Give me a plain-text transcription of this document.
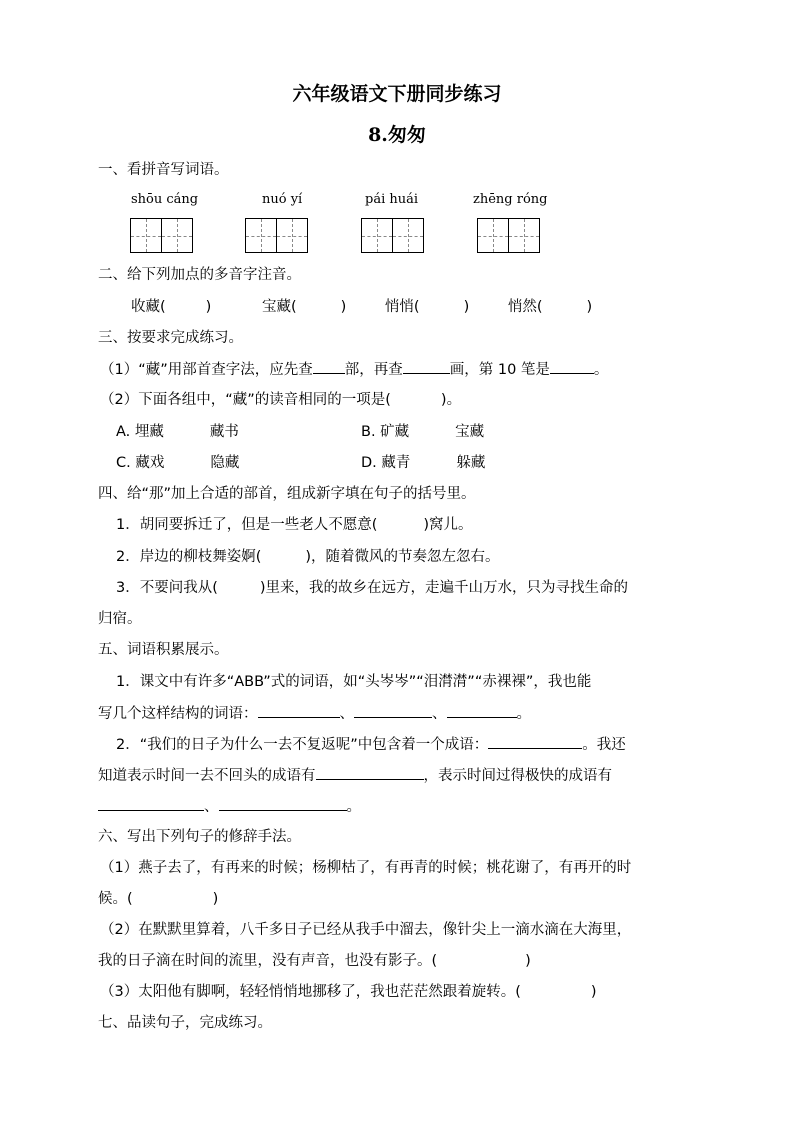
六年级语文下册同步练习
8.匆匆
一、看拼音写词语。
shōu cáng	nuó yí	pái huái	zhēng róng
二、给下列加点的多音字注音。
收藏(	)	宝藏(	)	悄悄(	)	悄然(	)
三、按要求完成练习。
（1）“藏”用部首查字法，应先查 部，再查	画，第 10 笔是	。
（2）下面各组中，“藏”的读音相同的一项是(	)。
A. 埋藏	藏书	B. 矿藏	宝藏
C. 藏戏	隐藏	D. 藏青	躲藏
四、给“那”加上合适的部首，组成新字填在句子的括号里。
1．胡同要拆迁了，但是一些老人不愿意(	)窝儿。
2．岸边的柳枝舞姿婀(	)，随着微风的节奏忽左忽右。
3．不要问我从(	)里来，我的故乡在远方，走遍千山万水，只为寻找生命的
归宿。
五、词语积累展示。
1．课文中有许多“ABB”式的词语，如“头岑岑”“泪潸潸”“赤裸裸”，我也能
写几个这样结构的词语：	、	、	。
2．“我们的日子为什么一去不复返呢”中包含着一个成语：	。我还
知道表示时间一去不回头的成语有	，表示时间过得极快的成语有
、	。
六、写出下列句子的修辞手法。
（1）燕子去了，有再来的时候；杨柳枯了，有再青的时候；桃花谢了，有再开的时
候。(	)
（2）在默默里算着，八千多日子已经从我手中溜去，像针尖上一滴水滴在大海里，
我的日子滴在时间的流里，没有声音，也没有影子。(	)
（3）太阳他有脚啊，轻轻悄悄地挪移了，我也茫茫然跟着旋转。(	)
七、品读句子，完成练习。
